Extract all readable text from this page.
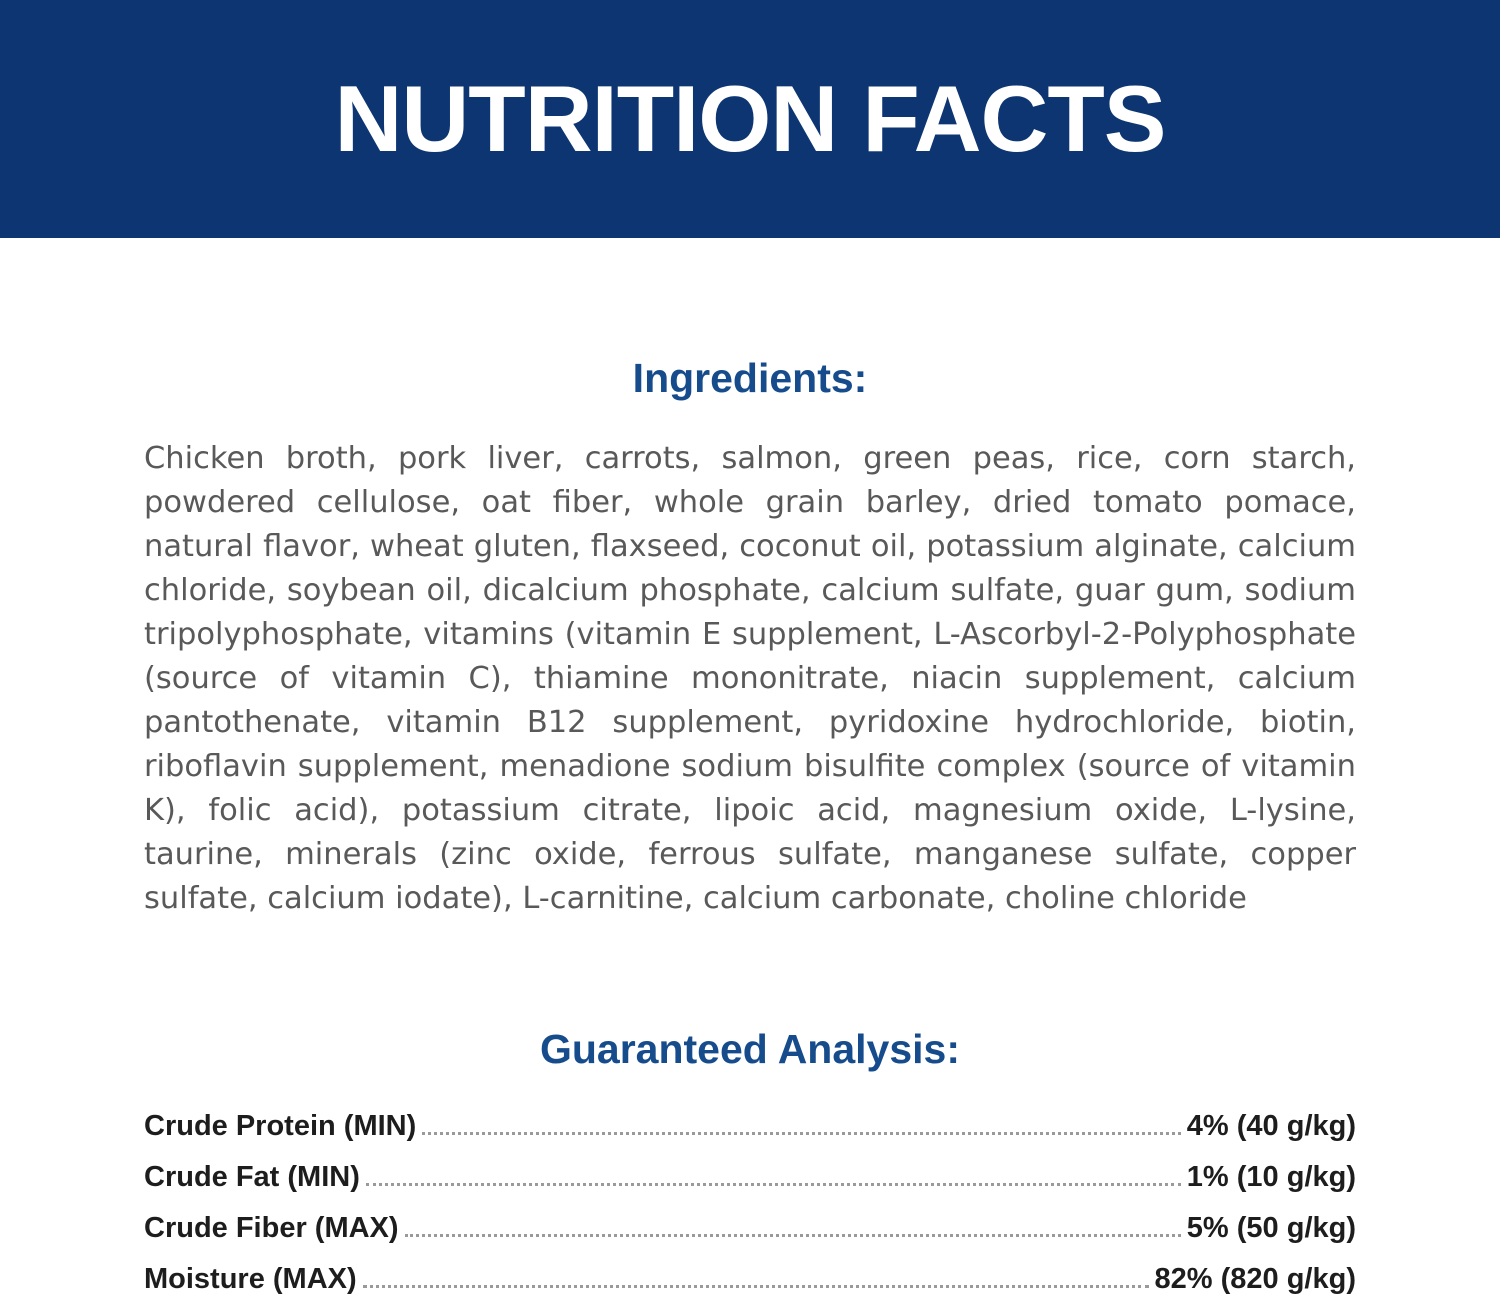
NUTRITION FACTS
Ingredients:
Chicken broth, pork liver, carrots, salmon, green peas, rice, corn starch, powdered cellulose, oat fiber, whole grain barley, dried tomato pomace, natural flavor, wheat gluten, flaxseed, coconut oil, potassium alginate, calcium chloride, soybean oil, dicalcium phosphate, calcium sulfate, guar gum, sodium tripolyphosphate, vitamins (vitamin E supplement, L-Ascorbyl-2-Polyphosphate (source of vitamin C), thiamine mononitrate, niacin supplement, calcium pantothenate, vitamin B12 supplement, pyridoxine hydrochloride, biotin, riboflavin supplement, menadione sodium bisulfite complex (source of vitamin K), folic acid), potassium citrate, lipoic acid, magnesium oxide, L-lysine, taurine, minerals (zinc oxide, ferrous sulfate, manganese sulfate, copper sulfate, calcium iodate), L-carnitine, calcium carbonate, choline chloride
Guaranteed Analysis:
Crude Protein (MIN)	4% (40 g/kg)
Crude Fat (MIN)	1% (10 g/kg)
Crude Fiber (MAX)	5% (50 g/kg)
Moisture (MAX)	82% (820 g/kg)
